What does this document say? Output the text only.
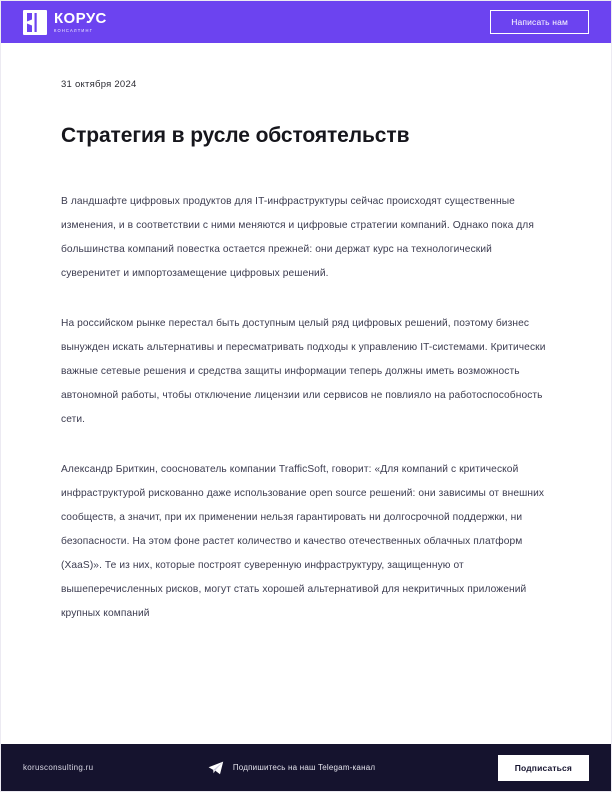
КОРУС
КОНСАЛТИНГ
Написать нам
31 октября 2024
Стратегия в русле обстоятельств

В ландшафте цифровых продуктов для IT-инфраструктуры сейчас происходят существенные изменения, и в соответствии с ними меняются и цифровые стратегии компаний. Однако пока для большинства компаний повестка остается прежней: они держат курс на технологический суверенитет и импортозамещение цифровых решений.

На российском рынке перестал быть доступным целый ряд цифровых решений, поэтому бизнес вынужден искать альтернативы и пересматривать подходы к управлению IT-системами. Критически важные сетевые решения и средства защиты информации теперь должны иметь возможность автономной работы, чтобы отключение лицензии или сервисов не повлияло на работоспособность сети.

Александр Бриткин, сооснователь компании TrafficSoft, говорит: «Для компаний с критической инфраструктурой рискованно даже использование open source решений: они зависимы от внешних сообществ, а значит, при их применении нельзя гарантировать ни долгосрочной поддержки, ни безопасности. На этом фоне растет количество и качество отечественных облачных платформ (XaaS)». Те из них, которые построят суверенную инфраструктуру, защищенную от вышеперечисленных рисков, могут стать хорошей альтернативой для некритичных приложений крупных компаний

korusconsulting.ru	Подпишитесь на наш Telegam-канал	Подписаться
